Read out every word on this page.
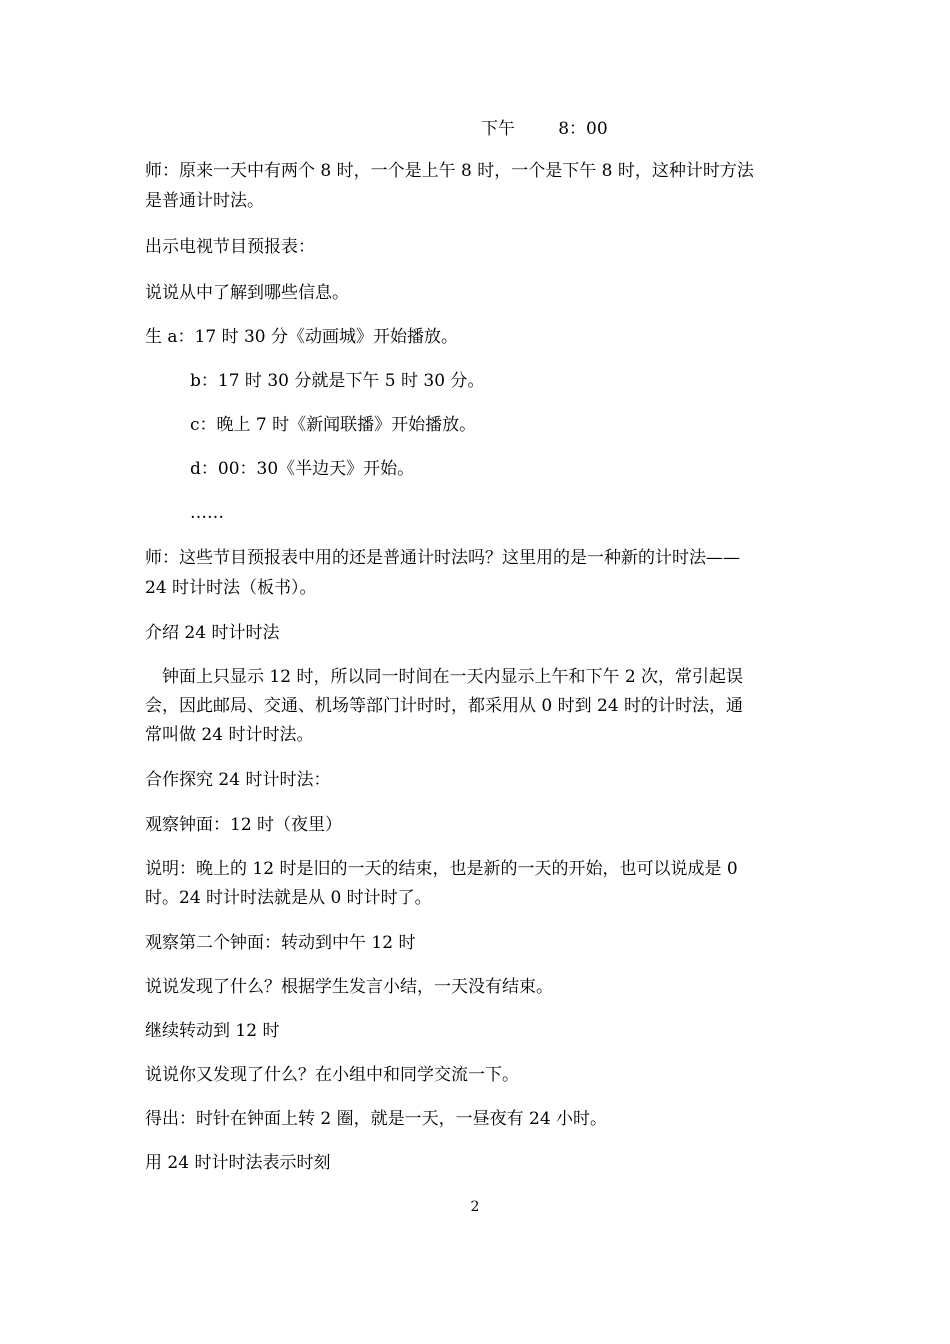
下午	8：00
师：原来一天中有两个 8 时，一个是上午 8 时，一个是下午 8 时，这种计时方法
是普通计时法。
出示电视节目预报表：
说说从中了解到哪些信息。
生 a：17 时 30 分《动画城》开始播放。
b：17 时 30 分就是下午 5 时 30 分。
c：晚上 7 时《新闻联播》开始播放。
d：00：30《半边天》开始。
……
师：这些节目预报表中用的还是普通计时法吗？这里用的是一种新的计时法——
24 时计时法（板书）。
介绍 24 时计时法
钟面上只显示 12 时，所以同一时间在一天内显示上午和下午 2 次，常引起误
会，因此邮局、交通、机场等部门计时时，都采用从 0 时到 24 时的计时法，通
常叫做 24 时计时法。
合作探究 24 时计时法：
观察钟面：12 时（夜里）
说明：晚上的 12 时是旧的一天的结束，也是新的一天的开始，也可以说成是 0
时。24 时计时法就是从 0 时计时了。
观察第二个钟面：转动到中午 12 时
说说发现了什么？根据学生发言小结，一天没有结束。
继续转动到 12 时
说说你又发现了什么？在小组中和同学交流一下。
得出：时针在钟面上转 2 圈，就是一天，一昼夜有 24 小时。
用 24 时计时法表示时刻
2
